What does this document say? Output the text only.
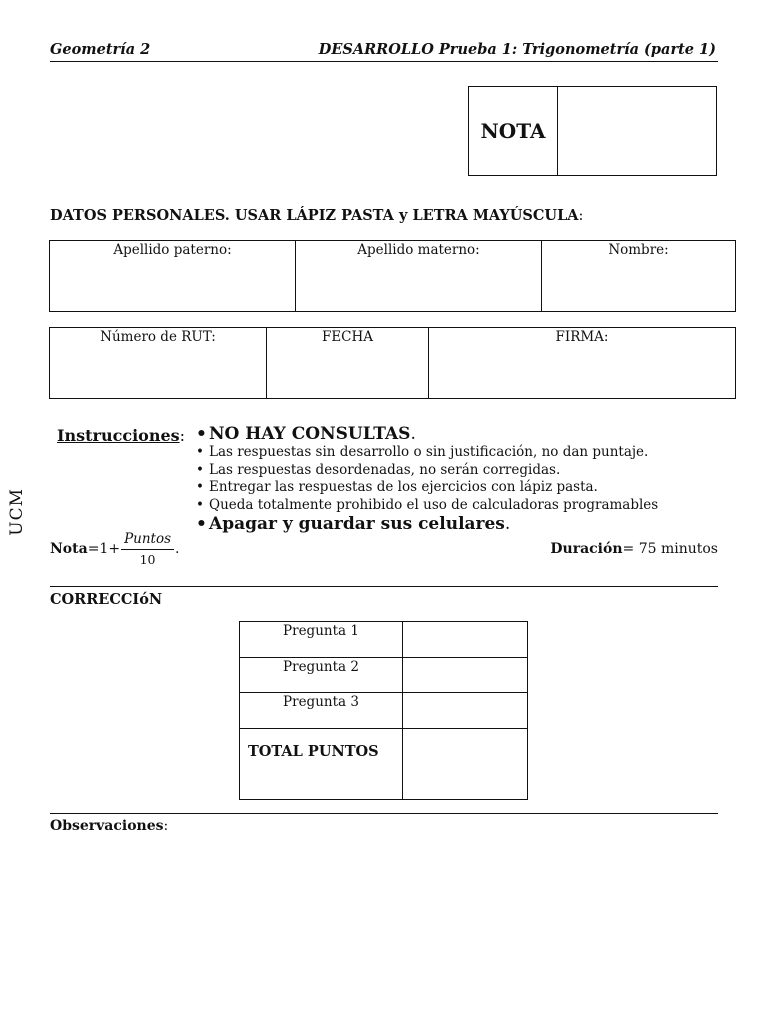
Geometría 2	DESARROLLO Prueba 1: Trigonometría (parte 1)
NOTA
DATOS PERSONALES. USAR LÁPIZ PASTA y LETRA MAYÚSCULA:
Apellido paterno:	Apellido materno:	Nombre:
Número de RUT:	FECHA	FIRMA:
Instrucciones:
•	NO HAY CONSULTAS.
• Las respuestas sin desarrollo o sin justificación, no dan puntaje.
• Las respuestas desordenadas, no serán corregidas.
• Entregar las respuestas de los ejercicios con lápiz pasta.
• Queda totalmente prohibido el uso de calculadoras programables
• Apagar y guardar sus celulares.
Nota $=1+ \frac{\text{Puntos}}{10}$ .	Duración= 75 minutos
CORRECCIóN
Pregunta 1	
Pregunta 2	
Pregunta 3	
TOTAL PUNTOS	
Observaciones:
UCM
